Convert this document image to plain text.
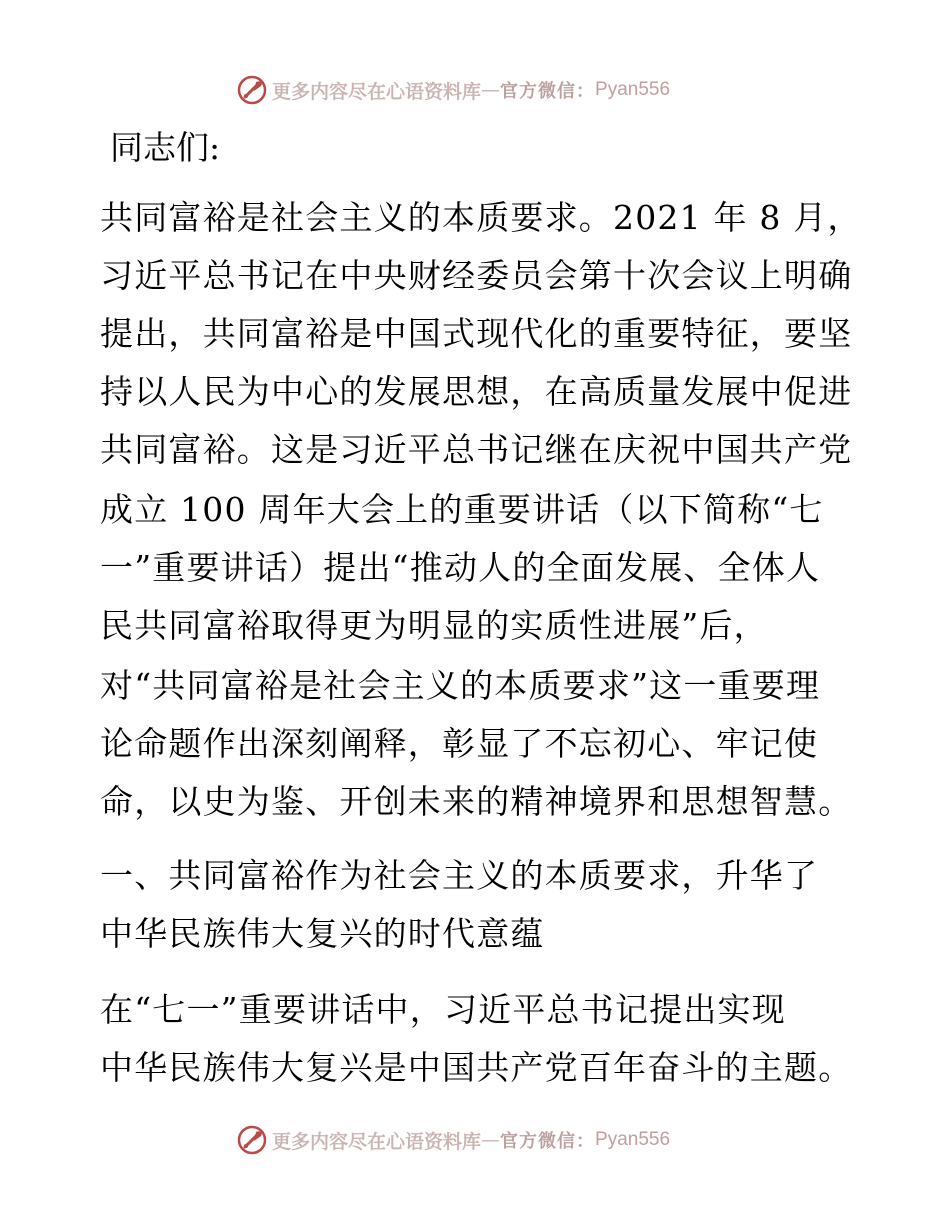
更多内容尽在心语资料库 — 官方微信： Pyan556
同志们:
共同富裕是社会主义的本质要求。2021 年 8 月，
习近平总书记在中央财经委员会第十次会议上明确
提出，共同富裕是中国式现代化的重要特征，要坚
持以人民为中心的发展思想，在高质量发展中促进
共同富裕。这是习近平总书记继在庆祝中国共产党
成立 100 周年大会上的重要讲话（以下简称“七
一”重要讲话）提出“推动人的全面发展、全体人
民共同富裕取得更为明显的实质性进展”后，
对“共同富裕是社会主义的本质要求”这一重要理
论命题作出深刻阐释，彰显了不忘初心、牢记使
命，以史为鉴、开创未来的精神境界和思想智慧。
一、共同富裕作为社会主义的本质要求，升华了
中华民族伟大复兴的时代意蕴
在“七一”重要讲话中，习近平总书记提出实现
中华民族伟大复兴是中国共产党百年奋斗的主题。
更多内容尽在心语资料库 — 官方微信： Pyan556
